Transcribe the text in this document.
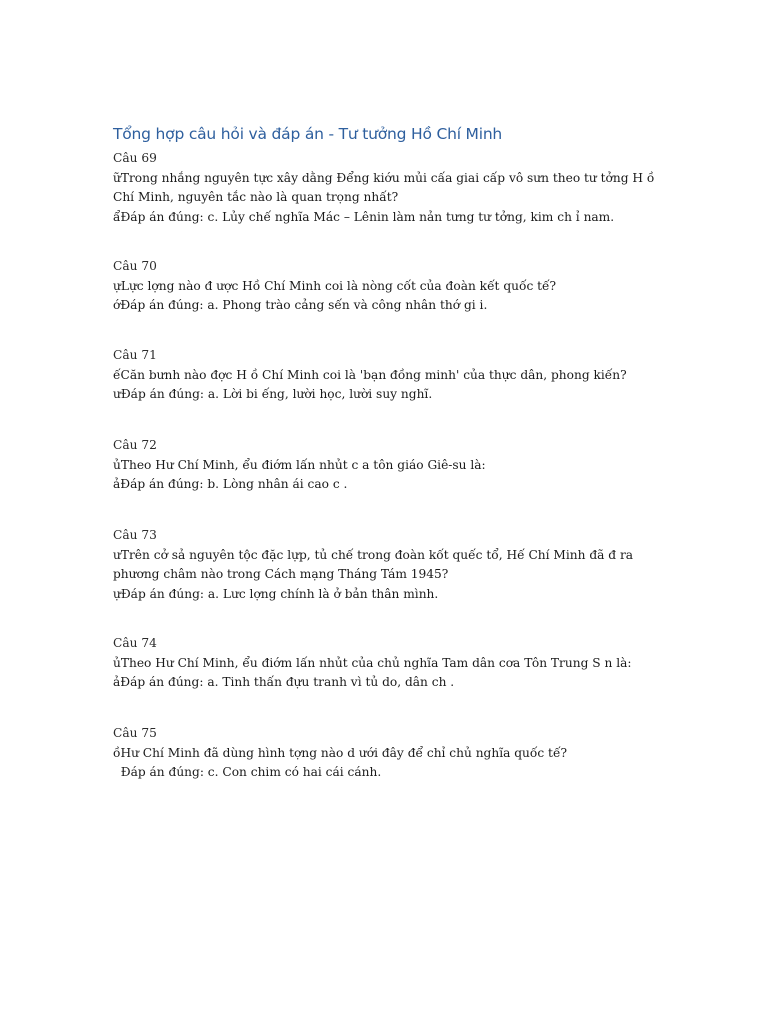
Tổng hợp câu hỏi và đáp án - Tư tưởng Hồ Chí Minh

Câu 69

ữTrong nhắng nguyên tực xây dằng Đểng kiớu mủi cấa giai cấp vô sưn theo tư tởng H ồ

Chí Minh, nguyên tắc nào là quan trọng nhất?

ẩĐáp án đúng: c. Lủy chế nghĩa Mác – Lênin làm nản tưng tư tởng, kim ch ỉ nam.

Câu 70

ựLực lợng nào đ ược Hồ Chí Minh coi là nòng cốt của đoàn kết quốc tế?

ớĐáp án đúng: a. Phong trào cảng sến và công nhân thớ gi i.

Câu 71

ếCăn bưnh nào đợc H ồ Chí Minh coi là 'bạn đồng minh' của thực dân, phong kiến?

ưĐáp án đúng: a. Lời bi ếng, lười học, lười suy nghĩ.

Câu 72

ủTheo Hư Chí Minh, ểu điớm lấn nhủt c a tôn giáo Giê-su là:

ảĐáp án đúng: b. Lòng nhân ái cao c .

Câu 73

ưTrên cở sả nguyên tộc đặc lựp, tủ chế trong đoàn kốt quếc tổ, Hế Chí Minh đã đ ra

phương châm nào trong Cách mạng Tháng Tám 1945?

ựĐáp án đúng: a. Lưc lợng chính là ở bản thân mình.

Câu 74

ủTheo Hư Chí Minh, ểu điớm lấn nhủt của chủ nghĩa Tam dân cơa Tôn Trung S n là:

ảĐáp án đúng: a. Tinh thấn đựu tranh vì tủ do, dân ch .

Câu 75

ồHư Chí Minh đã dùng hình tợng nào d ưới đây để chỉ chủ nghĩa quốc tế?

Đáp án đúng: c. Con chim có hai cái cánh.
